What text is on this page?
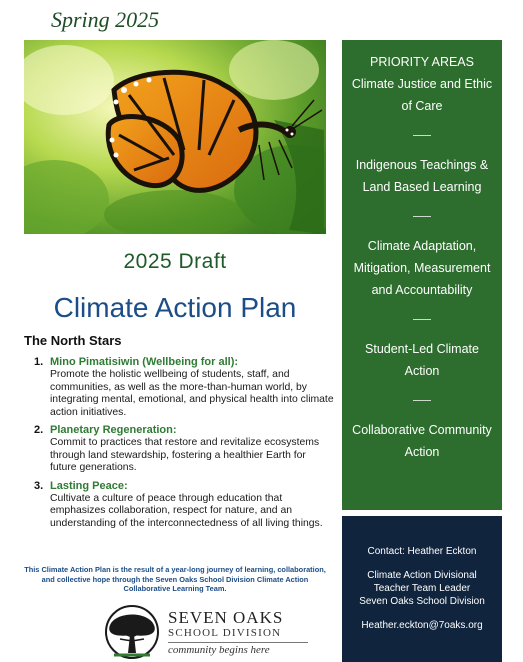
Spring 2025
2025 Draft
Climate Action Plan
The North Stars
1. Mino Pimatisiwin (Wellbeing for all):
Promote the holistic wellbeing of students, staff, and communities, as well as the more-than-human world, by integrating mental, emotional, and physical health into climate action initiatives.
2. Planetary Regeneration:
Commit to practices that restore and revitalize ecosystems through land stewardship, fostering a healthier Earth for future generations.
3. Lasting Peace:
Cultivate a culture of peace through education that emphasizes collaboration, respect for nature, and an understanding of the interconnectedness of all living things.
This Climate Action Plan is the result of a year-long journey of learning, collaboration, and collective hope through the Seven Oaks School Division Climate Action Collaborative Learning Team.
SEVEN OAKS
SCHOOL DIVISION
community begins here
PRIORITY AREAS
Climate Justice and Ethic of Care
Indigenous Teachings & Land Based Learning
Climate Adaptation, Mitigation, Measurement and Accountability
Student-Led Climate Action
Collaborative Community Action
Contact: Heather Eckton
Climate Action Divisional
Teacher Team Leader
Seven Oaks School Division
Heather.eckton@7oaks.org
